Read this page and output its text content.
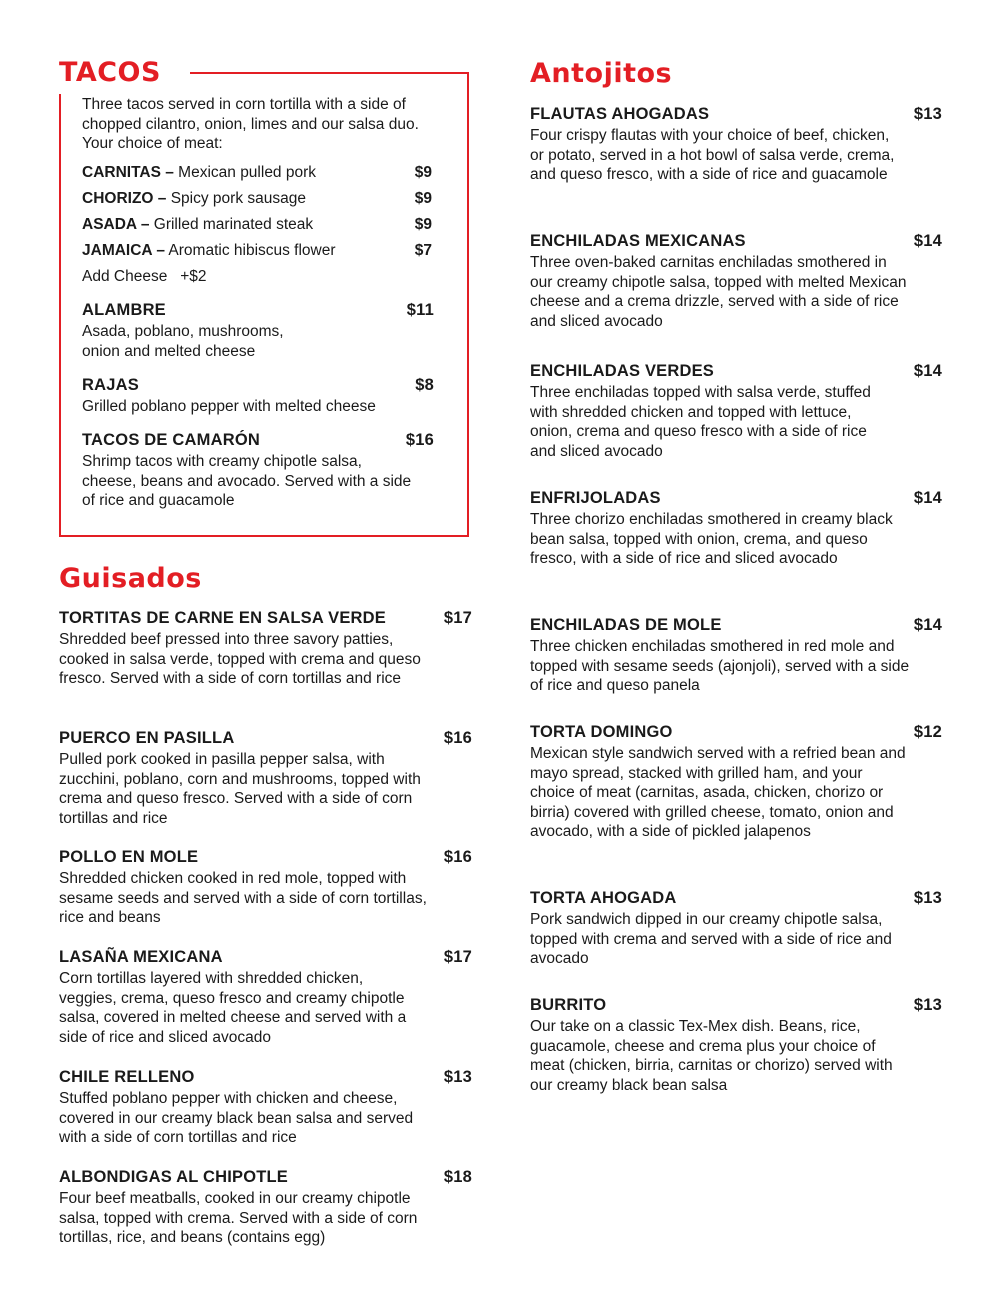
TACOS
Three tacos served in corn tortilla with a side of chopped cilantro, onion, limes and our salsa duo. Your choice of meat:
CARNITAS – Mexican pulled pork	$9
CHORIZO – Spicy pork sausage	$9
ASADA – Grilled marinated steak	$9
JAMAICA – Aromatic hibiscus flower	$7
Add Cheese   +$2
ALAMBRE	$11
Asada, poblano, mushrooms, onion and melted cheese
RAJAS	$8
Grilled poblano pepper with melted cheese
TACOS DE CAMARÓN	$16
Shrimp tacos with creamy chipotle salsa, cheese, beans and avocado. Served with a side of rice and guacamole
Guisados
TORTITAS DE CARNE EN SALSA VERDE	$17
Shredded beef pressed into three savory patties, cooked in salsa verde, topped with crema and queso fresco. Served with a side of corn tortillas and rice
PUERCO EN PASILLA	$16
Pulled pork cooked in pasilla pepper salsa, with zucchini, poblano, corn and mushrooms, topped with crema and queso fresco. Served with a side of corn tortillas and rice
POLLO EN MOLE	$16
Shredded chicken cooked in red mole, topped with sesame seeds and served with a side of corn tortillas, rice and beans
LASAÑA MEXICANA	$17
Corn tortillas layered with shredded chicken, veggies, crema, queso fresco and creamy chipotle salsa, covered in melted cheese and served with a side of rice and sliced avocado
CHILE RELLENO	$13
Stuffed poblano pepper with chicken and cheese, covered in our creamy black bean salsa and served with a side of corn tortillas and rice
ALBONDIGAS AL CHIPOTLE	$18
Four beef meatballs, cooked in our creamy chipotle salsa, topped with crema. Served with a side of corn tortillas, rice, and beans (contains egg)
Antojitos
FLAUTAS AHOGADAS	$13
Four crispy flautas with your choice of beef, chicken, or potato, served in a hot bowl of salsa verde, crema, and queso fresco, with a side of rice and guacamole
ENCHILADAS MEXICANAS	$14
Three oven-baked carnitas enchiladas smothered in our creamy chipotle salsa, topped with melted Mexican cheese and a crema drizzle, served with a side of rice and sliced avocado
ENCHILADAS VERDES	$14
Three enchiladas topped with salsa verde, stuffed with shredded chicken and topped with lettuce, onion, crema and queso fresco with a side of rice and sliced avocado
ENFRIJOLADAS	$14
Three chorizo enchiladas smothered in creamy black bean salsa, topped with onion, crema, and queso fresco, with a side of rice and sliced avocado
ENCHILADAS DE MOLE	$14
Three chicken enchiladas smothered in red mole and topped with sesame seeds (ajonjoli), served with a side of rice and queso panela
TORTA DOMINGO	$12
Mexican style sandwich served with a refried bean and mayo spread, stacked with grilled ham, and your choice of meat (carnitas, asada, chicken, chorizo or birria) covered with grilled cheese, tomato, onion and avocado, with a side of pickled jalapenos
TORTA AHOGADA	$13
Pork sandwich dipped in our creamy chipotle salsa, topped with crema and served with a side of rice and avocado
BURRITO	$13
Our take on a classic Tex-Mex dish. Beans, rice, guacamole, cheese and crema plus your choice of meat (chicken, birria, carnitas or chorizo) served with our creamy black bean salsa
